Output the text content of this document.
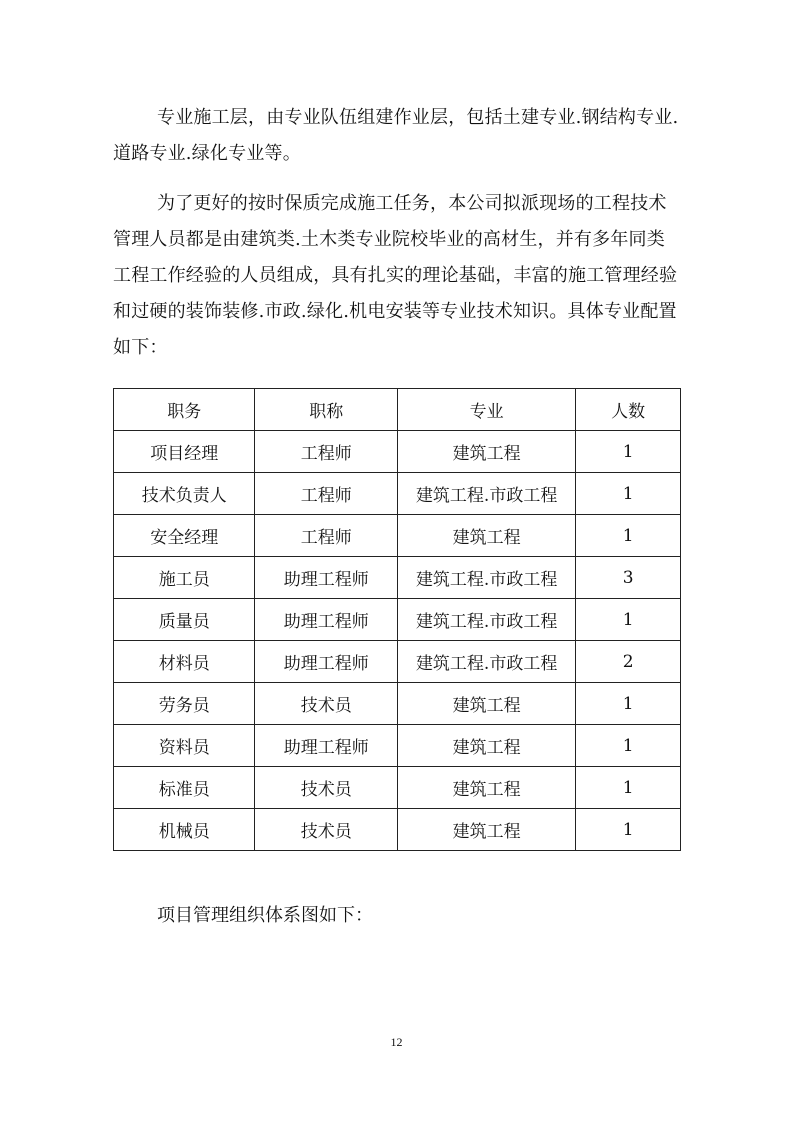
专业施工层，由专业队伍组建作业层，包括土建专业.钢结构专业.道路专业.绿化专业等。

为了更好的按时保质完成施工任务，本公司拟派现场的工程技术管理人员都是由建筑类.土木类专业院校毕业的高材生，并有多年同类工程工作经验的人员组成，具有扎实的理论基础，丰富的施工管理经验和过硬的装饰装修.市政.绿化.机电安装等专业技术知识。具体专业配置如下：

职务	职称	专业	人数
项目经理	工程师	建筑工程	1
技术负责人	工程师	建筑工程.市政工程	1
安全经理	工程师	建筑工程	1
施工员	助理工程师	建筑工程.市政工程	3
质量员	助理工程师	建筑工程.市政工程	1
材料员	助理工程师	建筑工程.市政工程	2
劳务员	技术员	建筑工程	1
资料员	助理工程师	建筑工程	1
标准员	技术员	建筑工程	1
机械员	技术员	建筑工程	1

项目管理组织体系图如下：

12
